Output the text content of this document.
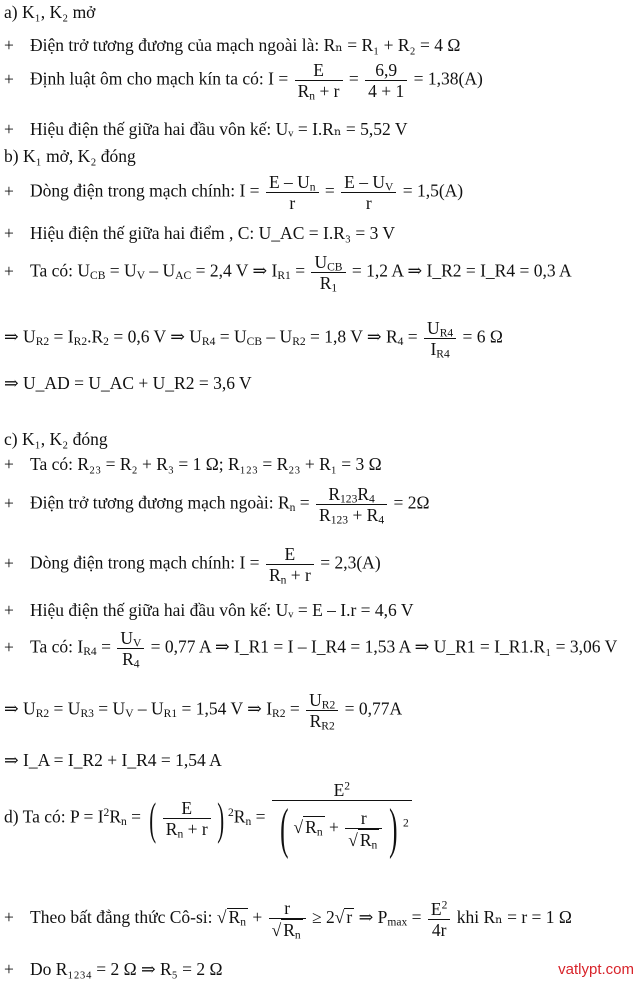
a) K₁, K₂ mở
+ Điện trở tương đương của mạch ngoài là: Rₙ = R₁ + R₂ = 4 Ω
+ Định luật ôm cho mạch kín ta có: $I = \frac{E}{R_n + r} = \frac{6,9}{4 + 1} = 1,38(A)$
+ Hiệu điện thế giữa hai đầu vôn kế: Uᵥ = I.Rₙ = 5,52 V
b) K₁ mở, K₂ đóng
+ Dòng điện trong mạch chính: $I = \frac{E - U_n}{r} = \frac{E - U_V}{r} = 1,5(A)$
+ Hiệu điện thế giữa hai điểm , C: U_AC = I.R₃ = 3 V
+ Ta có: $U_{CB} = U_V - U_{AC} = 2,4$ V ⇒ $I_{R1} = \frac{U_{CB}}{R_1} = 1,2$ A ⇒ I_R2 = I_R4 = 0,3 A
⇒ $U_{R2} = I_{R2}.R_2 = 0,6$ V ⇒ $U_{R4} = U_{CB} - U_{R2} = 1,8$ V ⇒ $R_4 = \frac{U_{R4}}{I_{R4}} = 6$ Ω
⇒ U_AD = U_AC + U_R2 = 3,6 V
c) K₁, K₂ đóng
+ Ta có: R₂₃ = R₂ + R₃ = 1 Ω; R₁₂₃ = R₂₃ + R₁ = 3 Ω
+ Điện trở tương đương mạch ngoài: $R_n = \frac{R_{123}R_4}{R_{123} + R_4} = 2\Omega$
+ Dòng điện trong mạch chính: $I = \frac{E}{R_n + r} = 2,3(A)$
+ Hiệu điện thế giữa hai đầu vôn kế: Uᵥ = E – I.r = 4,6 V
+ Ta có: $I_{R4} = \frac{U_V}{R_4} = 0,77$ A ⇒ I_R1 = I – I_R4 = 1,53 A ⇒ U_R1 = I_R1.R₁ = 3,06 V
⇒ $U_{R2} = U_{R3} = U_V - U_{R1} = 1,54$ V ⇒ $I_{R2} = \frac{U_{R2}}{R_{R2}} = 0,77A$
⇒ I_A = I_R2 + I_R4 = 1,54 A
d) Ta có: $P = I^2R_n$ = ( $\frac{E}{R_n + r}$ ) $^2R_n = \frac{E^2}{( √ R_n + \frac{r}{√ R_n} ) ^2}$
+ Theo bất đẳng thức Cô-si: √ $R_n + \frac{r}{√ R_n} \ge 2√$ r ⇒ $P_{max} = \frac{E^2}{4r}$ khi Rₙ = r = 1 Ω
+ Do R₁₂₃₄ = 2 Ω ⇒ R₅ = 2 Ω	vatlypt.com
